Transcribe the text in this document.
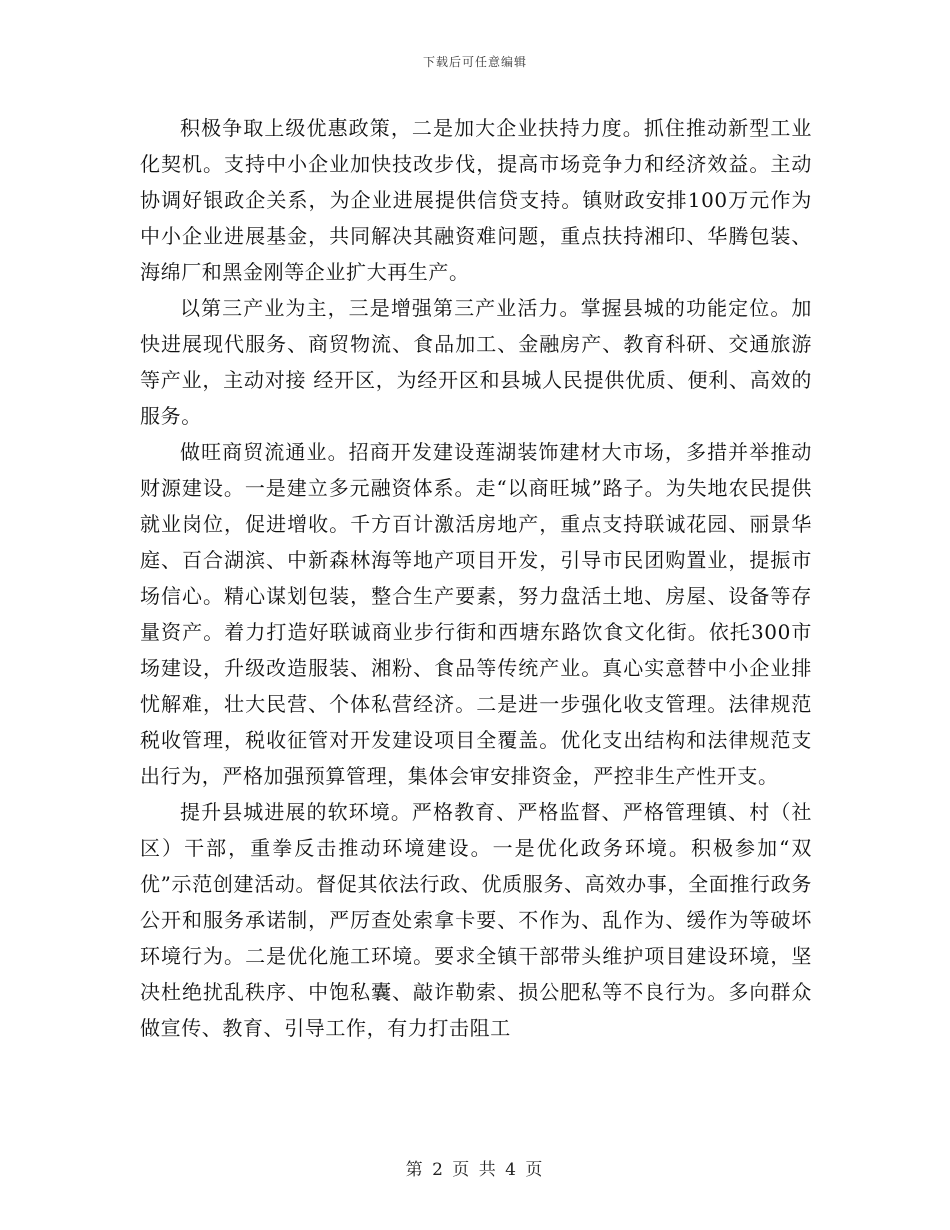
下载后可任意编辑

积极争取上级优惠政策，二是加大企业扶持力度。抓住推动新型工业化契机。支持中小企业加快技改步伐，提高市场竞争力和经济效益。主动协调好银政企关系，为企业进展提供信贷支持。镇财政安排100万元作为中小企业进展基金，共同解决其融资难问题，重点扶持湘印、华腾包装、海绵厂和黑金刚等企业扩大再生产。

以第三产业为主，三是增强第三产业活力。掌握县城的功能定位。加快进展现代服务、商贸物流、食品加工、金融房产、教育科研、交通旅游等产业，主动对接 经开区，为经开区和县城人民提供优质、便利、高效的服务。

做旺商贸流通业。招商开发建设莲湖装饰建材大市场，多措并举推动财源建设。一是建立多元融资体系。走“以商旺城”路子。为失地农民提供就业岗位，促进增收。千方百计激活房地产，重点支持联诚花园、丽景华庭、百合湖滨、中新森林海等地产项目开发，引导市民团购置业，提振市场信心。精心谋划包装，整合生产要素，努力盘活土地、房屋、设备等存量资产。着力打造好联诚商业步行街和西塘东路饮食文化街。依托300市场建设，升级改造服装、湘粉、食品等传统产业。真心实意替中小企业排忧解难，壮大民营、个体私营经济。二是进一步强化收支管理。法律规范税收管理，税收征管对开发建设项目全覆盖。优化支出结构和法律规范支出行为，严格加强预算管理，集体会审安排资金，严控非生产性开支。

提升县城进展的软环境。严格教育、严格监督、严格管理镇、村（社区）干部，重拳反击推动环境建设。一是优化政务环境。积极参加“双优”示范创建活动。督促其依法行政、优质服务、高效办事，全面推行政务公开和服务承诺制，严厉查处索拿卡要、不作为、乱作为、缓作为等破坏环境行为。二是优化施工环境。要求全镇干部带头维护项目建设环境，坚决杜绝扰乱秩序、中饱私囊、敲诈勒索、损公肥私等不良行为。多向群众做宣传、教育、引导工作，有力打击阻工

第 2 页 共 4 页
